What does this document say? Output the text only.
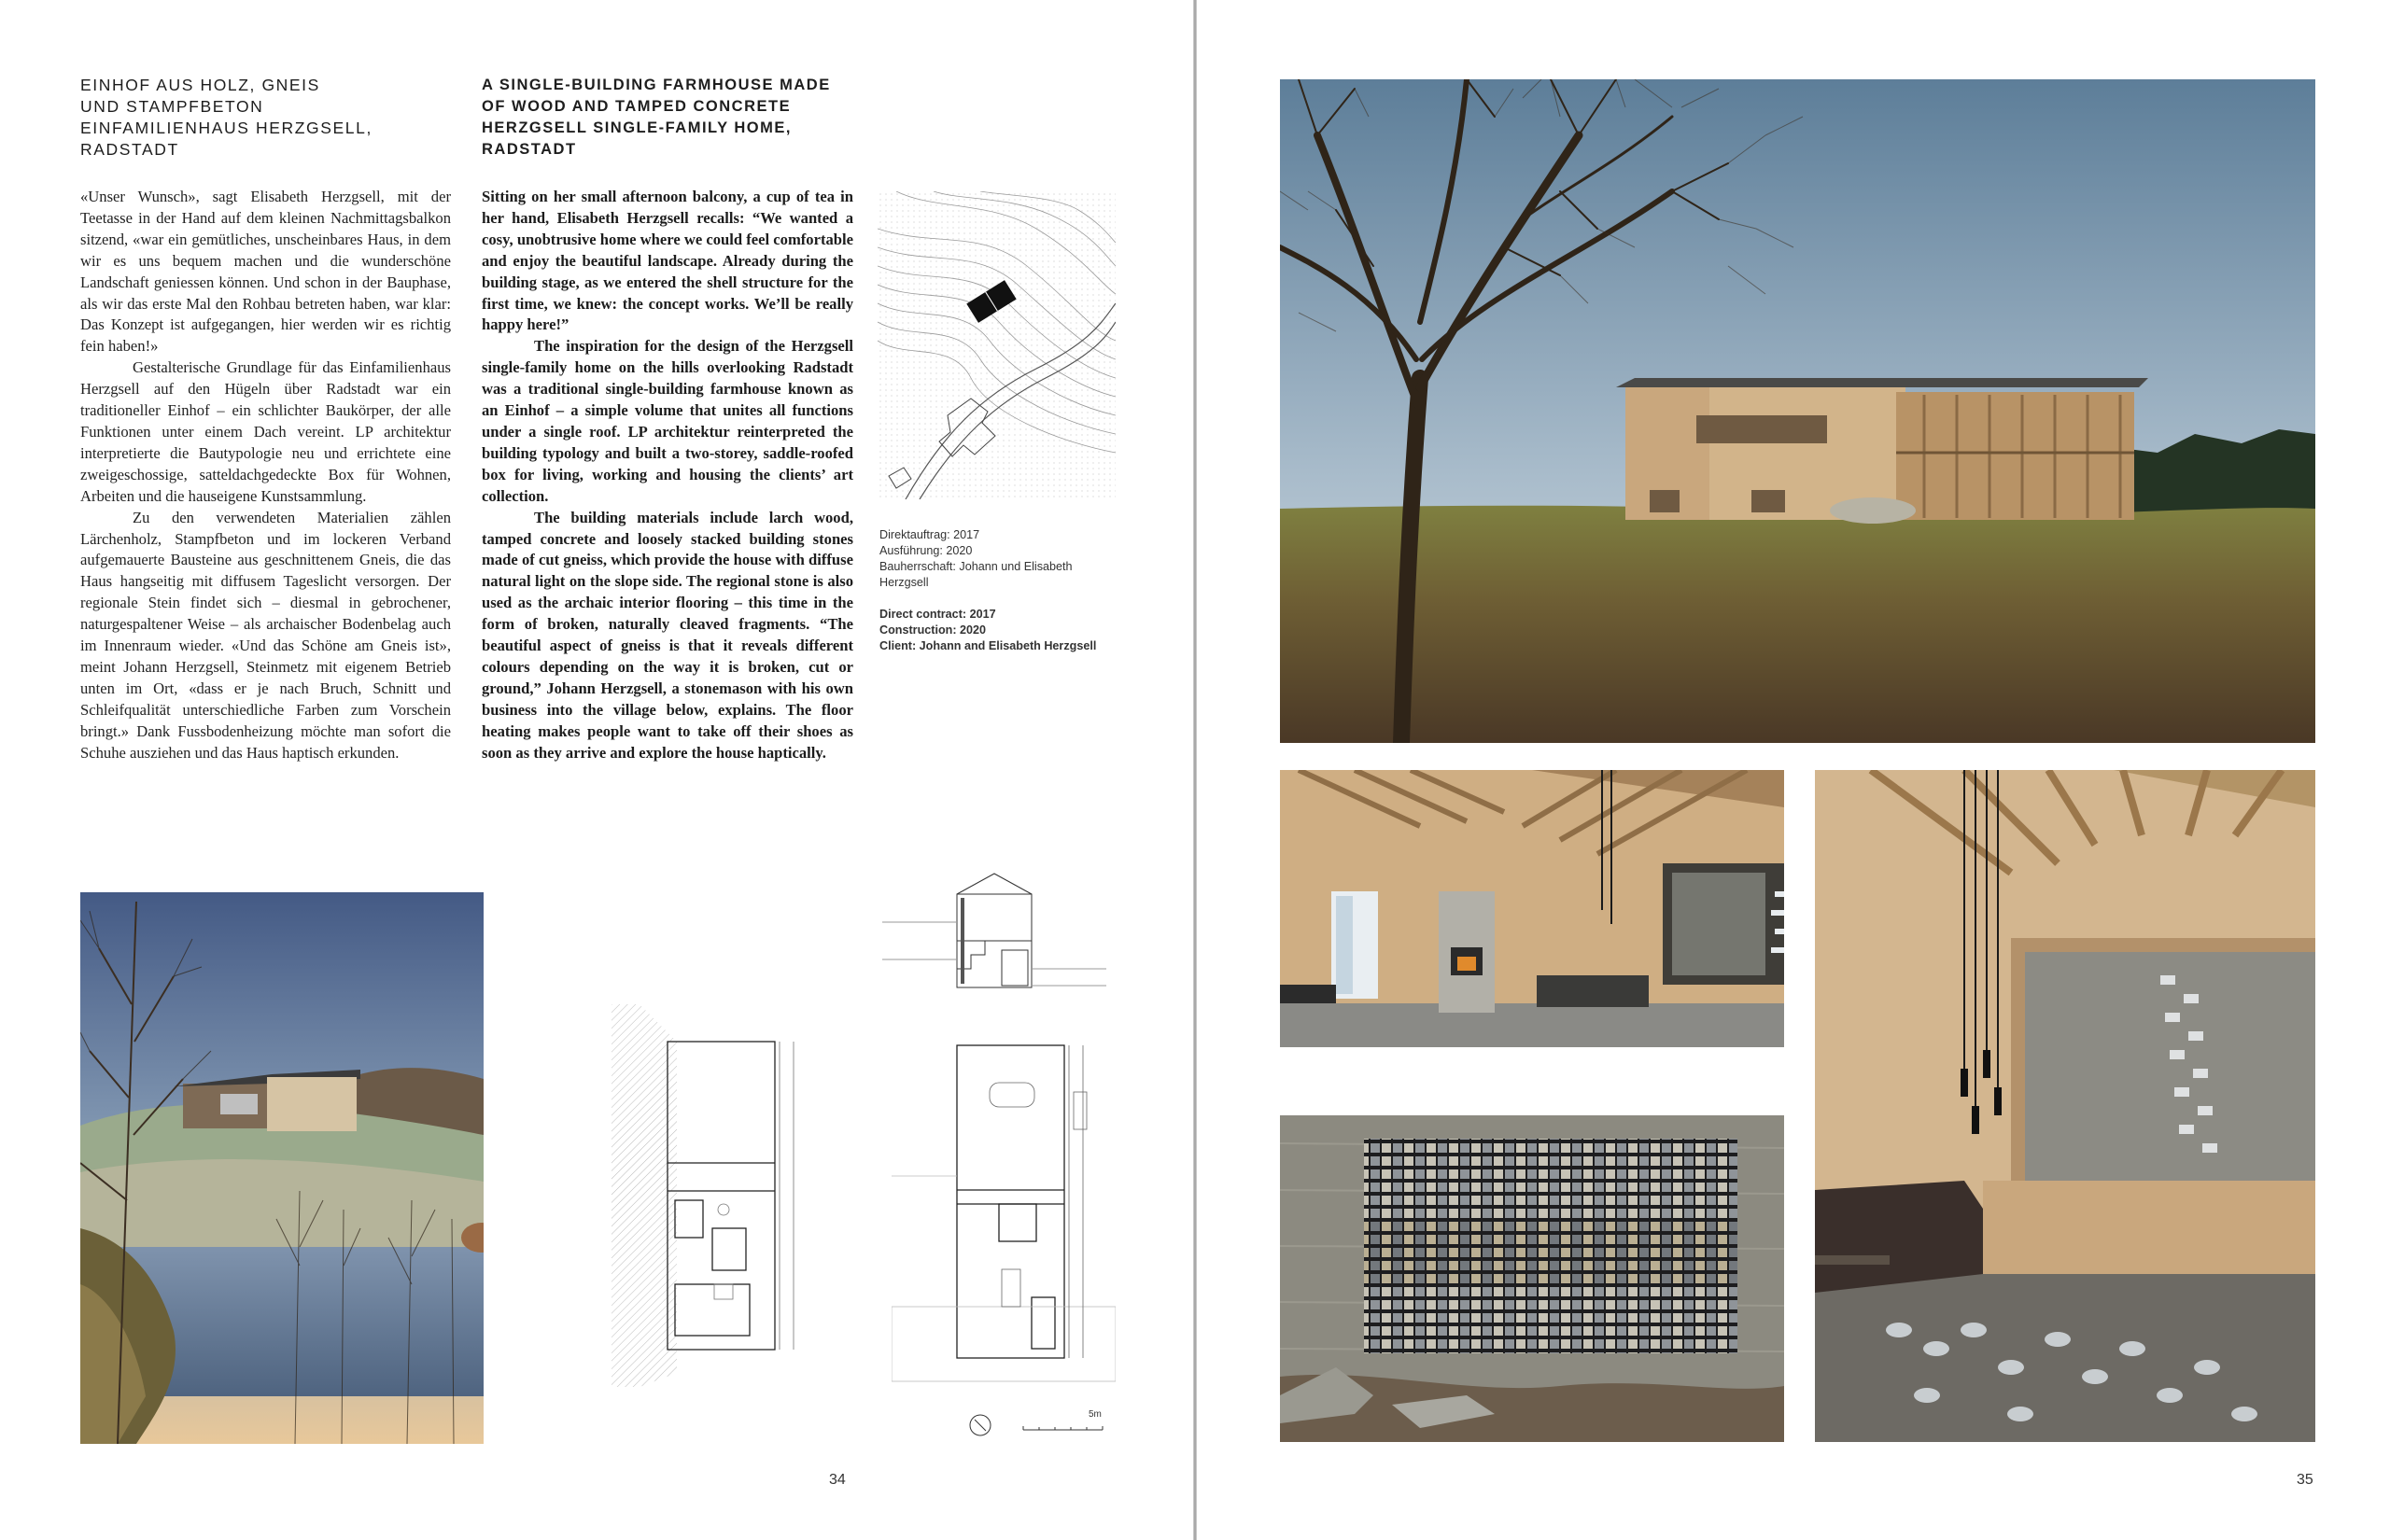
EINHOF AUS HOLZ, GNEIS
UND STAMPFBETON
EINFAMILIENHAUS HERZGSELL, RADSTADT
A SINGLE-BUILDING FARMHOUSE MADE
OF WOOD AND TAMPED CONCRETE
HERZGSELL SINGLE-FAMILY HOME,
RADSTADT

«Unser Wunsch», sagt Elisabeth Herzgsell, mit der Teetasse in der Hand auf dem kleinen Nachmittagsbalkon sitzend, «war ein gemütliches, unscheinbares Haus, in dem wir es uns bequem machen und die wunderschöne Landschaft geniessen können. Und schon in der Bauphase, als wir das erste Mal den Rohbau betreten haben, war klar: Das Konzept ist aufgegangen, hier werden wir es richtig fein haben!»

Gestalterische Grundlage für das Einfamilienhaus Herzgsell auf den Hügeln über Radstadt war ein traditioneller Einhof – ein schlichter Baukörper, der alle Funktionen unter einem Dach vereint. LP architektur interpretierte die Bautypologie neu und errichtete eine zweigeschossige, satteldachgedeckte Box für Wohnen, Arbeiten und die hauseigene Kunstsammlung.

Zu den verwendeten Materialien zählen Lärchenholz, Stampfbeton und im lockeren Verband aufgemauerte Bausteine aus geschnittenem Gneis, die das Haus hangseitig mit diffusem Tageslicht versorgen. Der regionale Stein findet sich – diesmal in gebrochener, naturgespaltener Weise – als archaischer Bodenbelag auch im Innenraum wieder. «Und das Schöne am Gneis ist», meint Johann Herzgsell, Steinmetz mit eigenem Betrieb unten im Ort, «dass er je nach Bruch, Schnitt und Schleifqualität unterschiedliche Farben zum Vorschein bringt.» Dank Fussbodenheizung möchte man sofort die Schuhe ausziehen und das Haus haptisch erkunden.

Sitting on her small afternoon balcony, a cup of tea in her hand, Elisabeth Herzgsell recalls: “We wanted a cosy, unobtrusive home where we could feel comfortable and enjoy the beautiful landscape. Already during the building stage, as we entered the shell structure for the first time, we knew: the concept works. We’ll be really happy here!”

The inspiration for the design of the Herzgsell single-family home on the hills overlooking Radstadt was a traditional single-building farmhouse known as an Einhof – a simple volume that unites all functions under a single roof. LP architektur reinterpreted the building typology and built a two-storey, saddle-roofed box for living, working and housing the clients’ art collection.

The building materials include larch wood, tamped concrete and loosely stacked building stones made of cut gneiss, which provide the house with diffuse natural light on the slope side. The regional stone is also used as the archaic interior flooring – this time in the form of broken, naturally cleaved fragments. “The beautiful aspect of gneiss is that it reveals different colours depending on the way it is broken, cut or ground,” Johann Herzgsell, a stonemason with his own business into the village below, explains. The floor heating makes people want to take off their shoes as soon as they arrive and explore the house haptically.

Direktauftrag: 2017
Ausführung: 2020
Bauherrschaft: Johann und Elisabeth
Herzgsell
Direct contract: 2017
Construction: 2020
Client: Johann and Elisabeth Herzgsell
5m
34	35
